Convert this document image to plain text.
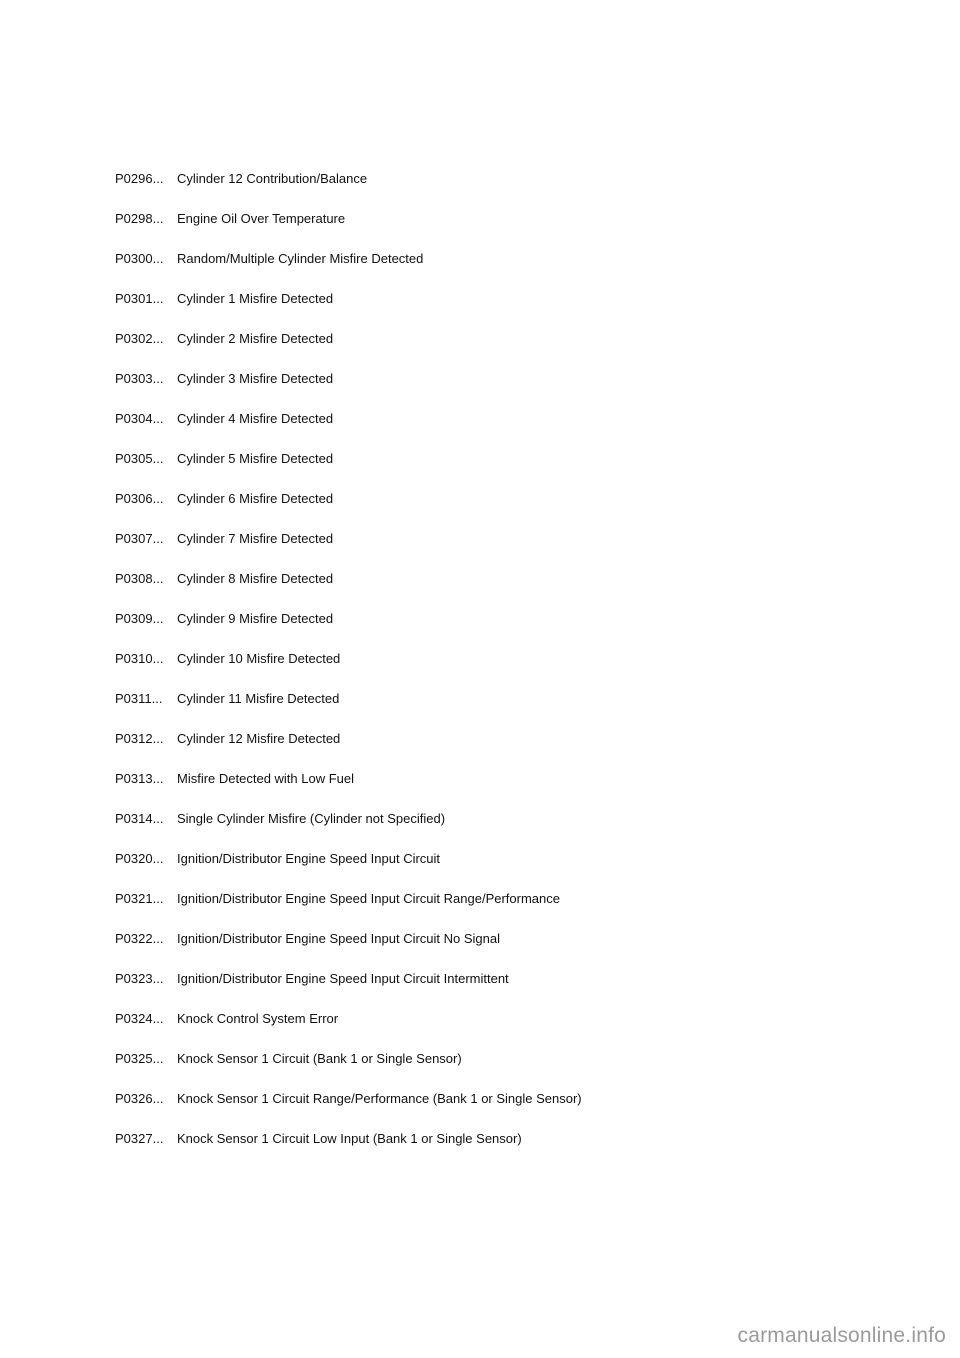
P0296...	Cylinder 12 Contribution/Balance
P0298...	Engine Oil Over Temperature
P0300...	Random/Multiple Cylinder Misfire Detected
P0301...	Cylinder 1 Misfire Detected
P0302...	Cylinder 2 Misfire Detected
P0303...	Cylinder 3 Misfire Detected
P0304...	Cylinder 4 Misfire Detected
P0305...	Cylinder 5 Misfire Detected
P0306...	Cylinder 6 Misfire Detected
P0307...	Cylinder 7 Misfire Detected
P0308...	Cylinder 8 Misfire Detected
P0309...	Cylinder 9 Misfire Detected
P0310...	Cylinder 10 Misfire Detected
P0311...	Cylinder 11 Misfire Detected
P0312...	Cylinder 12 Misfire Detected
P0313...	Misfire Detected with Low Fuel
P0314...	Single Cylinder Misfire (Cylinder not Specified)
P0320...	Ignition/Distributor Engine Speed Input Circuit
P0321...	Ignition/Distributor Engine Speed Input Circuit Range/Performance
P0322...	Ignition/Distributor Engine Speed Input Circuit No Signal
P0323...	Ignition/Distributor Engine Speed Input Circuit Intermittent
P0324...	Knock Control System Error
P0325...	Knock Sensor 1 Circuit (Bank 1 or Single Sensor)
P0326...	Knock Sensor 1 Circuit Range/Performance (Bank 1 or Single Sensor)
P0327...	Knock Sensor 1 Circuit Low Input (Bank 1 or Single Sensor)
carmanualsonline.info
